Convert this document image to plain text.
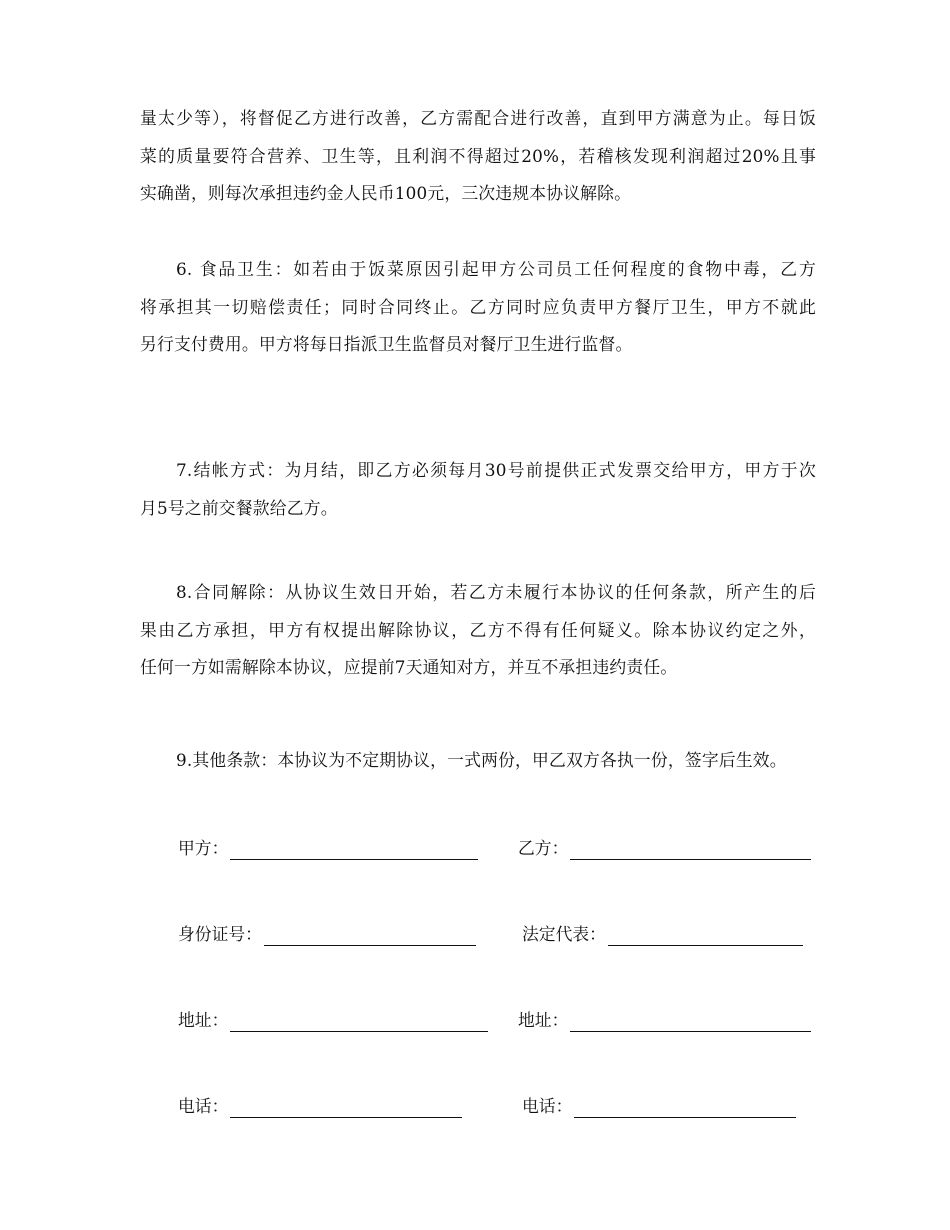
量太少等），将督促乙方进行改善，乙方需配合进行改善，直到甲方满意为止。每日饭
菜的质量要符合营养、卫生等，且利润不得超过20%，若稽核发现利润超过20%且事
实确凿，则每次承担违约金人民币100元，三次违规本协议解除。
6. 食品卫生：如若由于饭菜原因引起甲方公司员工任何程度的食物中毒，乙方
将承担其一切赔偿责任；同时合同终止。乙方同时应负责甲方餐厅卫生，甲方不就此
另行支付费用。甲方将每日指派卫生监督员对餐厅卫生进行监督。
7.结帐方式：为月结，即乙方必须每月30号前提供正式发票交给甲方，甲方于次
月5号之前交餐款给乙方。
8.合同解除：从协议生效日开始，若乙方未履行本协议的任何条款，所产生的后
果由乙方承担，甲方有权提出解除协议，乙方不得有任何疑义。除本协议约定之外，
任何一方如需解除本协议，应提前7天通知对方，并互不承担违约责任。
9.其他条款：本协议为不定期协议，一式两份，甲乙双方各执一份，签字后生效。
甲方：	乙方：
身份证号：	法定代表：
地址：	地址：
电话：	电话：
